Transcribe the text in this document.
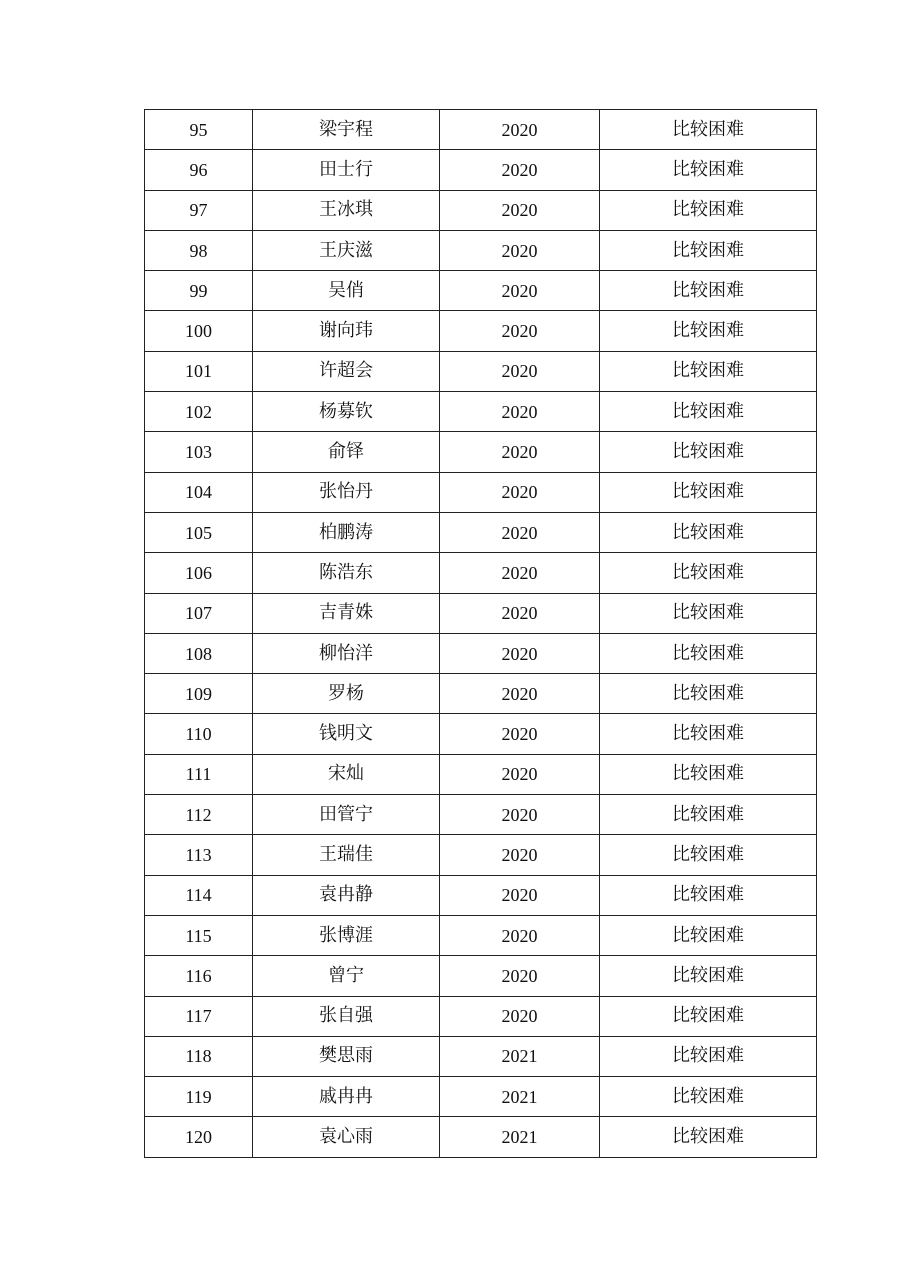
95	梁宇程	2020	比较困难
96	田士行	2020	比较困难
97	王冰琪	2020	比较困难
98	王庆滋	2020	比较困难
99	吴俏	2020	比较困难
100	谢向玮	2020	比较困难
101	许超会	2020	比较困难
102	杨募钦	2020	比较困难
103	俞铎	2020	比较困难
104	张怡丹	2020	比较困难
105	柏鹏涛	2020	比较困难
106	陈浩东	2020	比较困难
107	吉青姝	2020	比较困难
108	柳怡洋	2020	比较困难
109	罗杨	2020	比较困难
110	钱明文	2020	比较困难
111	宋灿	2020	比较困难
112	田管宁	2020	比较困难
113	王瑞佳	2020	比较困难
114	袁冉静	2020	比较困难
115	张博涯	2020	比较困难
116	曾宁	2020	比较困难
117	张自强	2020	比较困难
118	樊思雨	2021	比较困难
119	戚冉冉	2021	比较困难
120	袁心雨	2021	比较困难
